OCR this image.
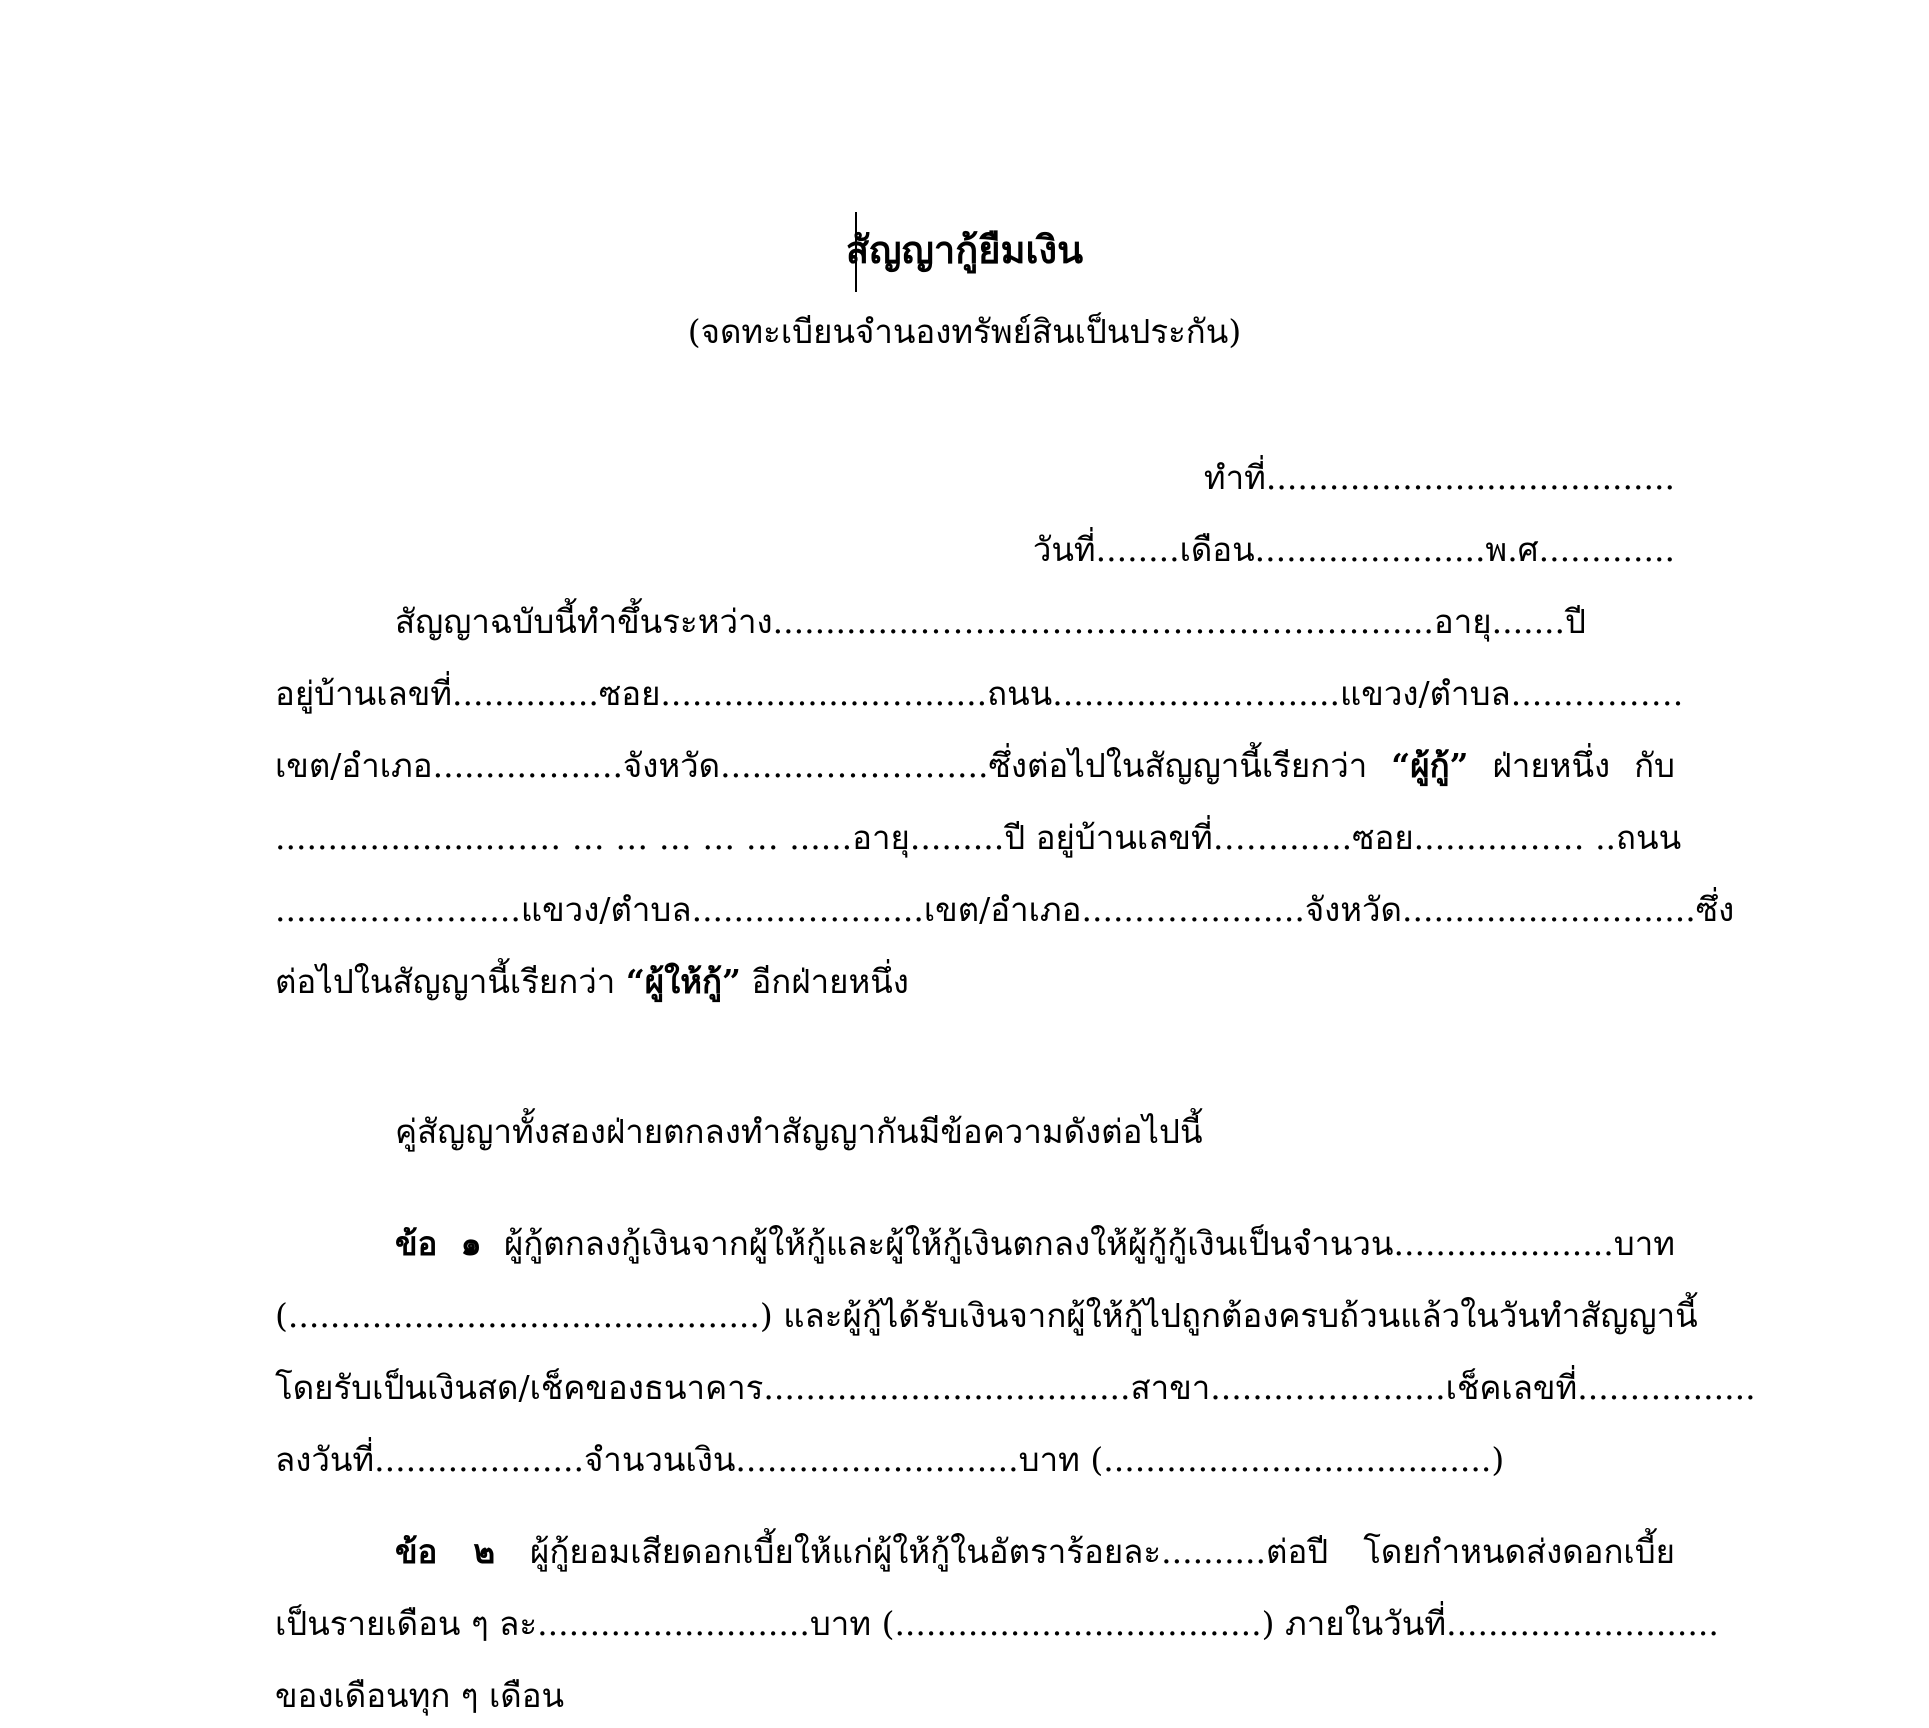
สัญญากู้ยืมเงิน
(จดทะเบียนจำนองทรัพย์สินเป็นประกัน)
ทำที่.......................................
วันที่........เดือน......................พ.ศ.............
สัญญาฉบับนี้ทำขึ้นระหว่าง..............…………………………………….....อายุ.......ปี
อยู่บ้านเลขที่..............ซอย.....................….......ถนน..........…...…….....แขวง/ตำบล......……….
เขต/อำเภอ..........….....จังหวัด.........…………....ซึ่งต่อไปในสัญญานี้เรียกว่า “ผู้กู้” ฝ่ายหนึ่ง กับ
.....................…… … … … … … ......อายุ.........ปี อยู่บ้านเลขที่…….......ซอย..........…… ..ถนน
..........………....แขวง/ตำบล..........….........เขต/อำเภอ.....……..........จังหวัด............................ซึ่ง
ต่อไปในสัญญานี้เรียกว่า “ผู้ให้กู้” อีกฝ่ายหนึ่ง
คู่สัญญาทั้งสองฝ่ายตกลงทำสัญญากันมีข้อความดังต่อไปนี้
ข้อ ๑ ผู้กู้ตกลงกู้เงินจากผู้ให้กู้และผู้ให้กู้เงินตกลงให้ผู้กู้กู้เงินเป็นจำนวน.....................บาท
(.............................................) และผู้กู้ได้รับเงินจากผู้ให้กู้ไปถูกต้องครบถ้วนแล้วในวันทำสัญญานี้
โดยรับเป็นเงินสด/เช็คของธนาคาร...................................สาขา........……….....เช็คเลขที่.................
ลงวันที่....................จำนวนเงิน...........................บาท (.....................................)
ข้อ ๒ ผู้กู้ยอมเสียดอกเบี้ยให้แก่ผู้ให้กู้ในอัตราร้อยละ..........ต่อปี โดยกำหนดส่งดอกเบี้ย
เป็นรายเดือน ๆ ละ..........................บาท (...................................) ภายในวันที่..........................
ของเดือนทุก ๆ เดือน
